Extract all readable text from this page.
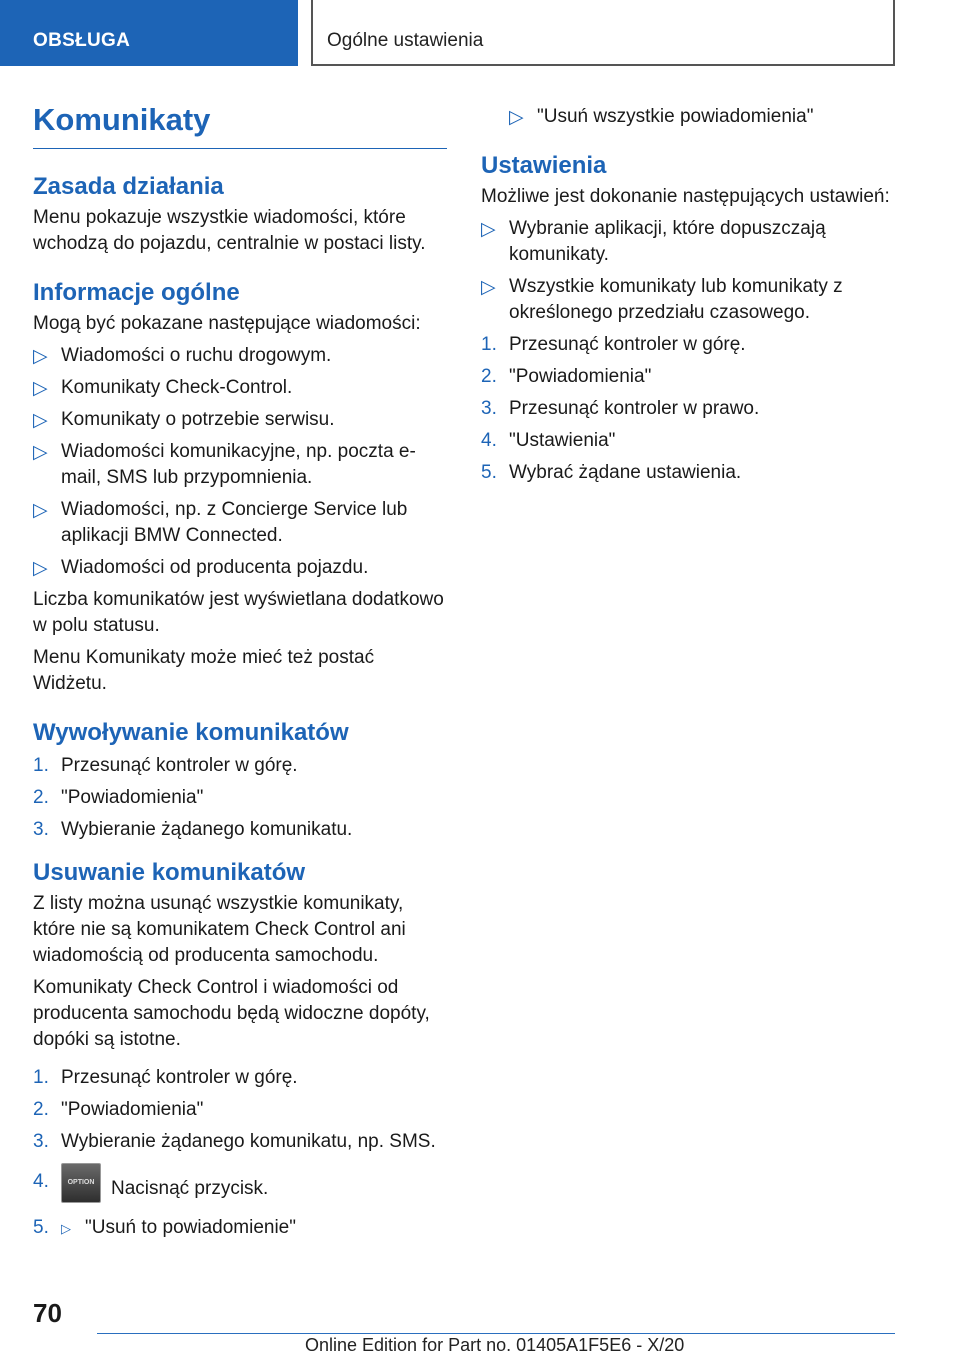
OBSŁUGA	Ogólne ustawienia
Komunikaty
Zasada działania

Menu pokazuje wszystkie wiadomości, które wchodzą do pojazdu, centralnie w postaci listy.

Informacje ogólne

Mogą być pokazane następujące wiadomości:

▷ Wiadomości o ruchu drogowym.
▷ Komunikaty Check-Control.
▷ Komunikaty o potrzebie serwisu.
▷ Wiadomości komunikacyjne, np. poczta e-mail, SMS lub przypomnienia.
▷ Wiadomości, np. z Concierge Service lub aplikacji BMW Connected.
▷ Wiadomości od producenta pojazdu.

Liczba komunikatów jest wyświetlana dodatkowo w polu statusu.

Menu Komunikaty może mieć też postać Widżetu.

Wywoływanie komunikatów
1. Przesunąć kontroler w górę.
2. "Powiadomienia"
3. Wybieranie żądanego komunikatu.
Usuwanie komunikatów

Z listy można usunąć wszystkie komunikaty, które nie są komunikatem Check Control ani wiadomością od producenta samochodu.

Komunikaty Check Control i wiadomości od producenta samochodu będą widoczne dopóty, dopóki są istotne.

1. Przesunąć kontroler w górę.
2. "Powiadomienia"
3. Wybieranie żądanego komunikatu, np. SMS.
4.	OPTION Nacisnąć przycisk.
5. ▷ "Usuń to powiadomienie"
▷ "Usuń wszystkie powiadomienia"
Ustawienia

Możliwe jest dokonanie następujących ustawień:

▷ Wybranie aplikacji, które dopuszczają komunikaty.
▷ Wszystkie komunikaty lub komunikaty z określonego przedziału czasowego.
1. Przesunąć kontroler w górę.
2. "Powiadomienia"
3. Przesunąć kontroler w prawo.
4. "Ustawienia"
5. Wybrać żądane ustawienia.
70
Online Edition for Part no. 01405A1F5E6 - X/20
